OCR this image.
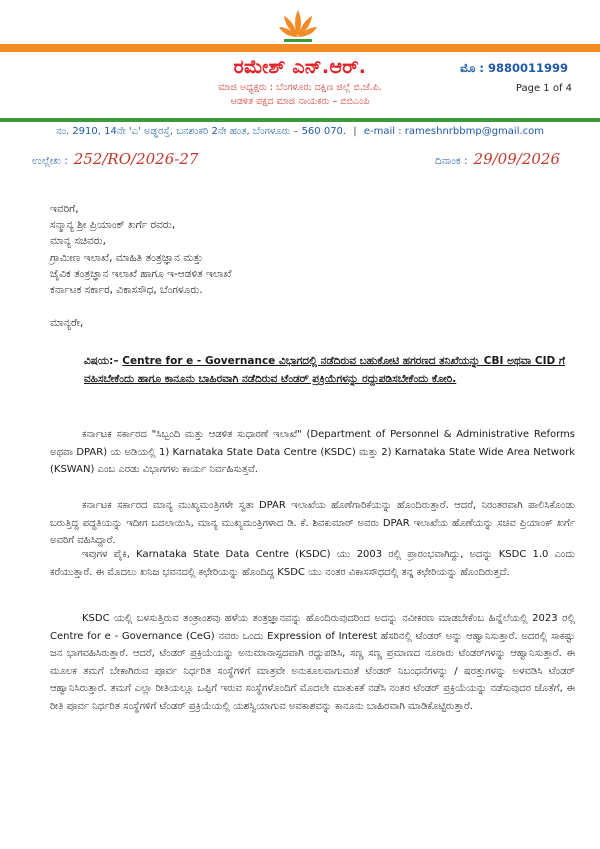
ರಮೇಶ್ ಎನ್.ಆರ್.	ಮೊ : 9880011999
Page 1 of 4
ಮಾಜಿ ಅಧ್ಯಕ್ಷರು : ಬೆಂಗಳೂರು ದಕ್ಷಿಣ ಜಿಲ್ಲೆ ಬಿ.ಜೆ.ಪಿ.
ಆಡಳಿತ ಪಕ್ಷದ ಮಾಜಿ ನಾಯಕರು – ಬಿಬಿಎಂಪಿ
ನಂ. 2910, 14ನೇ 'ಎ' ಅಡ್ಡರಸ್ತೆ, ಬನಶಂಕರಿ 2ನೇ ಹಂತ, ಬೆಂಗಳೂರು – 560 070. | e-mail : rameshnrbbmp@gmail.com
ಉಲ್ಲೇಖ : 252/RO/2026-27	ದಿನಾಂಕ : 29/09/2026
ಇವರಿಗೆ,
ಸನ್ಮಾನ್ಯ ಶ್ರೀ ಪ್ರಿಯಾಂಕ್ ಖರ್ಗೆ ರವರು,
ಮಾನ್ಯ ಸಚಿವರು,
ಗ್ರಾಮೀಣ ಇಲಾಖೆ, ಮಾಹಿತಿ ತಂತ್ರಜ್ಞಾನ ಮತ್ತು
ಜೈವಿಕ ತಂತ್ರಜ್ಞಾನ ಇಲಾಖೆ ಹಾಗೂ ಇ-ಆಡಳಿತ ಇಲಾಖೆ
ಕರ್ನಾಟಕ ಸರ್ಕಾರ, ವಿಕಾಸಸೌಧ, ಬೆಂಗಳೂರು.
ಮಾನ್ಯರೇ,
ವಿಷಯ:– Centre for e - Governance ವಿಭಾಗದಲ್ಲಿ ನಡೆದಿರುವ ಬಹುಕೋಟಿ ಹಗರಣದ ತನಿಖೆಯನ್ನು CBI ಅಥವಾ CID ಗೆ ವಹಿಸಬೇಕೆಂದು ಹಾಗೂ ಕಾನೂನು ಬಾಹಿರವಾಗಿ ನಡೆದಿರುವ ಟೆಂಡರ್ ಪ್ರಕ್ರಿಯೆಗಳನ್ನು ರದ್ದುಪಡಿಸಬೇಕೆಂದು ಕೋರಿ.
ಕರ್ನಾಟಕ ಸರ್ಕಾರದ "ಸಿಬ್ಬಂದಿ ಮತ್ತು ಆಡಳಿತ ಸುಧಾರಣೆ ಇಲಾಖೆ" (Department of Personnel & Administrative Reforms ಅಥವಾ DPAR) ಯ ಅಡಿಯಲ್ಲಿ 1) Karnataka State Data Centre (KSDC) ಮತ್ತು 2) Karnataka State Wide Area Network (KSWAN) ಎಂಬ ಎರಡು ವಿಭಾಗಗಳು ಕಾರ್ಯ ನಿರ್ವಹಿಸುತ್ತವೆ.
ಕರ್ನಾಟಕ ಸರ್ಕಾರದ ಮಾನ್ಯ ಮುಖ್ಯಮಂತ್ರಿಗಳೇ ಸ್ವತಃ DPAR ಇಲಾಖೆಯ ಹೊಣೆಗಾರಿಕೆಯನ್ನು ಹೊಂದಿರುತ್ತಾರೆ. ಆದರೆ, ನಿರಂತರವಾಗಿ ಪಾಲಿಸಿಕೊಂಡು ಬರುತ್ತಿದ್ದ ಪದ್ಧತಿಯನ್ನು ಇದೀಗ ಬದಲಾಯಿಸಿ, ಮಾನ್ಯ ಮುಖ್ಯಮಂತ್ರಿಗಳಾದ ಡಿ. ಕೆ. ಶಿವಕುಮಾರ್ ಅವರು DPAR ಇಲಾಖೆಯ ಹೊಣೆಯನ್ನು ಸಚಿವ ಪ್ರಿಯಾಂಕ್ ಖರ್ಗೆ ಅವರಿಗೆ ವಹಿಸಿದ್ದಾರೆ.
ಇವುಗಳ ಪೈಕಿ, Karnataka State Data Centre (KSDC) ಯು 2003 ರಲ್ಲಿ ಪ್ರಾರಂಭವಾಗಿದ್ದು, ಅದನ್ನು KSDC 1.0 ಎಂದು ಕರೆಯುತ್ತಾರೆ. ಈ ಮೊದಲು ಖನಿಜ ಭವನದಲ್ಲಿ ಕಛೇರಿಯನ್ನು ಹೊಂದಿದ್ದ KSDC ಯು ನಂತರ ವಿಕಾಸಸೌಧದಲ್ಲಿ ತನ್ನ ಕಛೇರಿಯನ್ನು ಹೊಂದಿರುತ್ತದೆ.
KSDC ಯಲ್ಲಿ ಬಳಸುತ್ತಿರುವ ತಂತ್ರಾಂಶವು ಹಳೆಯ ತಂತ್ರಜ್ಞಾನವನ್ನು ಹೊಂದಿರುವುದರಿಂದ ಅದನ್ನು ನವೀಕರಣ ಮಾಡಬೇಕೆಂಬ ಹಿನ್ನೆಲೆಯಲ್ಲಿ 2023 ರಲ್ಲಿ Centre for e - Governance (CeG) ನವರು ಒಂದು Expression of Interest ಹೆಸರಿನಲ್ಲಿ ಟೆಂಡರ್ ಅನ್ನು ಆಹ್ವಾನಿಸುತ್ತಾರೆ. ಅದರಲ್ಲಿ ಸಾಕಷ್ಟು ಜನ ಭಾಗವಹಿಸಿರುತ್ತಾರೆ. ಆದರೆ, ಟೆಂಡರ್ ಪ್ರಕ್ರಿಯೆಯನ್ನು ಅನುಮಾನಾಸ್ಪದವಾಗಿ ರದ್ದುಪಡಿಸಿ, ಸಣ್ಣ ಸಣ್ಣ ಪ್ರಮಾಣದ ನೂರಾರು ಟೆಂಡರ್‌ಗಳನ್ನು ಆಹ್ವಾನಿಸುತ್ತಾರೆ. ಈ ಮೂಲಕ ತಮಗೆ ಬೇಕಾಗಿರುವ ಪೂರ್ವ ನಿರ್ಧರಿತ ಸಂಸ್ಥೆಗಳಿಗೆ ಮಾತ್ರವೇ ಅನುಕೂಲವಾಗುವಂತೆ ಟೆಂಡರ್ ನಿಬಂಧನೆಗಳನ್ನು / ಷರತ್ತುಗಳನ್ನು ಅಳವಡಿಸಿ ಟೆಂಡರ್ ಆಹ್ವಾನಿಸಿರುತ್ತಾರೆ. ತಮಗೆ ಎಲ್ಲಾ ರೀತಿಯಲ್ಲೂ ಒಪ್ಪಿಗೆ ಇರುವ ಸಂಸ್ಥೆಗಳೊಂದಿಗೆ ಮೊದಲೇ ಮಾತುಕತೆ ನಡೆಸಿ ನಂತರ ಟೆಂಡರ್ ಪ್ರಕ್ರಿಯೆಯನ್ನು ನಡೆಸುವುದರ ಜೊತೆಗೆ, ಈ ರೀತಿ ಪೂರ್ವ ನಿರ್ಧರಿತ ಸಂಸ್ಥೆಗಳಿಗೆ ಟೆಂಡರ್ ಪ್ರಕ್ರಿಯೆಯಲ್ಲಿ ಯಶಸ್ವಿಯಾಗುವ ಅವಕಾಶವನ್ನು ಕಾನೂನು ಬಾಹಿರವಾಗಿ ಮಾಡಿಕೊಟ್ಟಿರುತ್ತಾರೆ.
